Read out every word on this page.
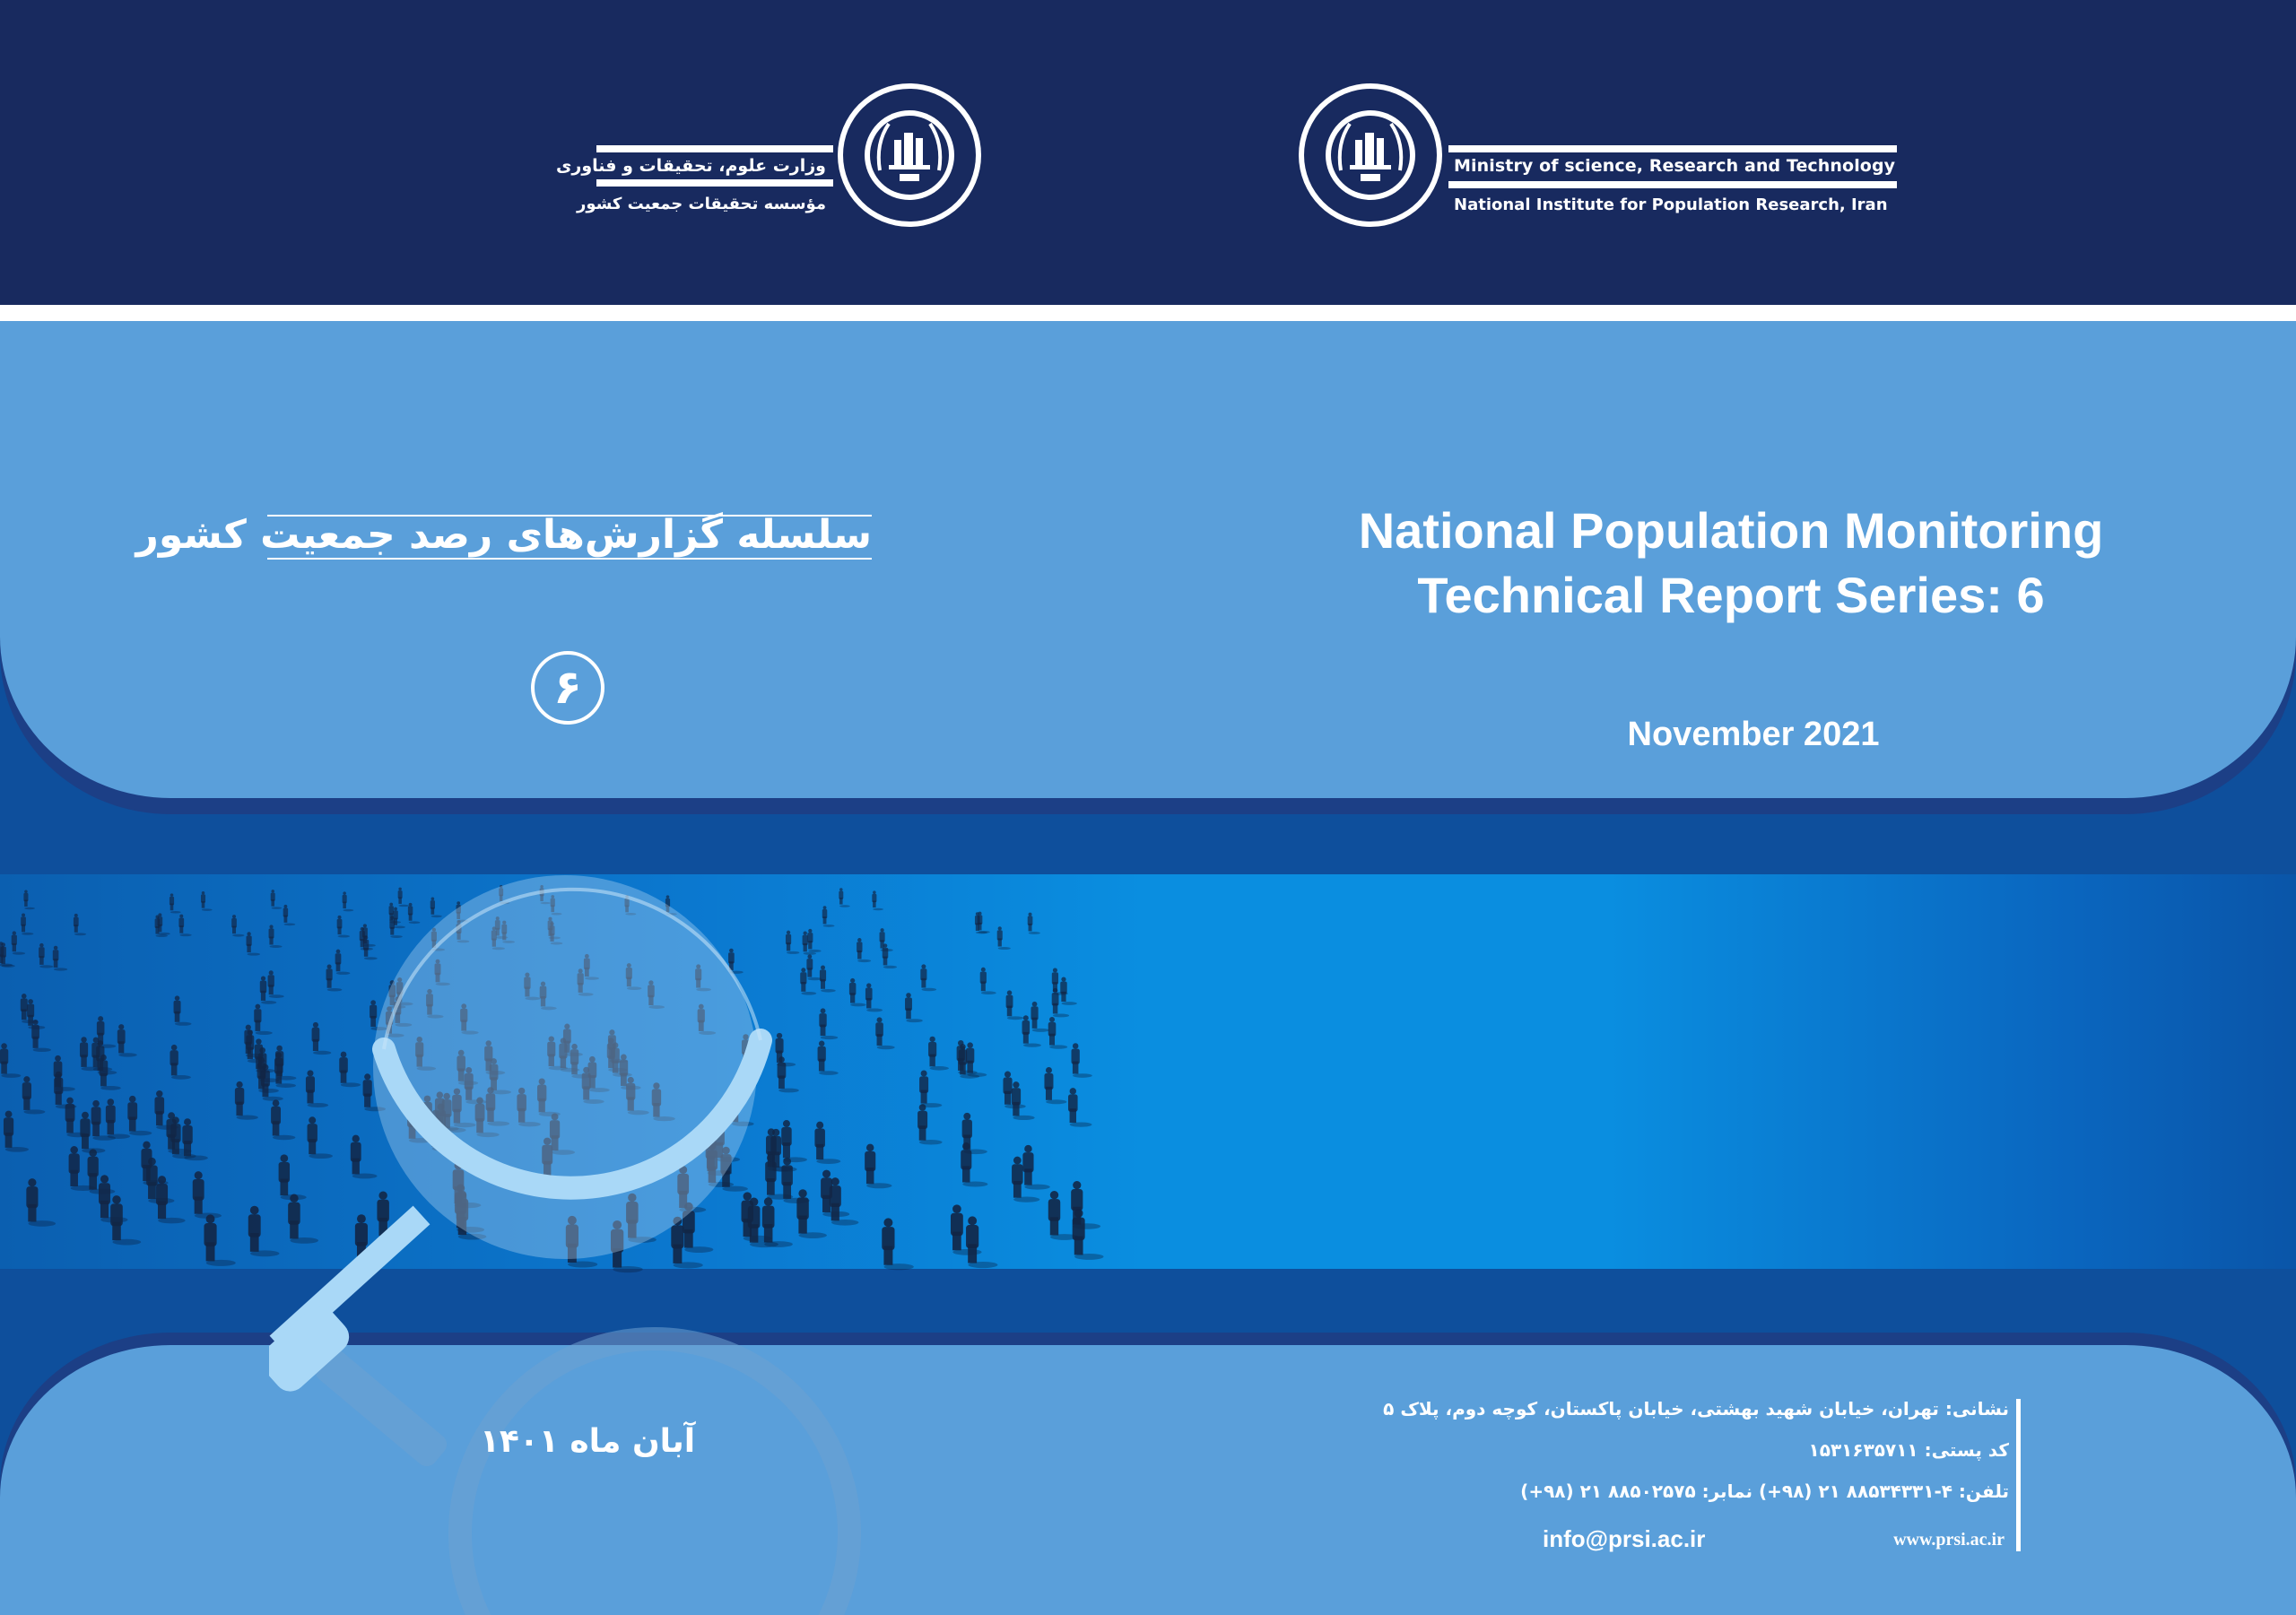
Ministry of science, Research and Technology
National Institute for Population Research, Iran
وزارت علوم، تحقیقات و فناوری
مؤسسه تحقیقات جمعیت کشور
سلسله گزارش‌های رصد جمعیت کشور
۶
National Population Monitoring
Technical Report Series: 6
November 2021
آبان ماه ۱۴۰۱
نشانی: تهران، خیابان شهید بهشتی، خیابان پاکستان، کوچه دوم، پلاک ۵
کد پستی: ۱۵۳۱۶۳۵۷۱۱
تلفن: ۴-۸۸۵۳۴۳۳۱ ۲۱ (۹۸+) نمابر: ۸۸۵۰۲۵۷۵ ۲۱ (۹۸+)
info@prsi.ac.ir	www.prsi.ac.ir
